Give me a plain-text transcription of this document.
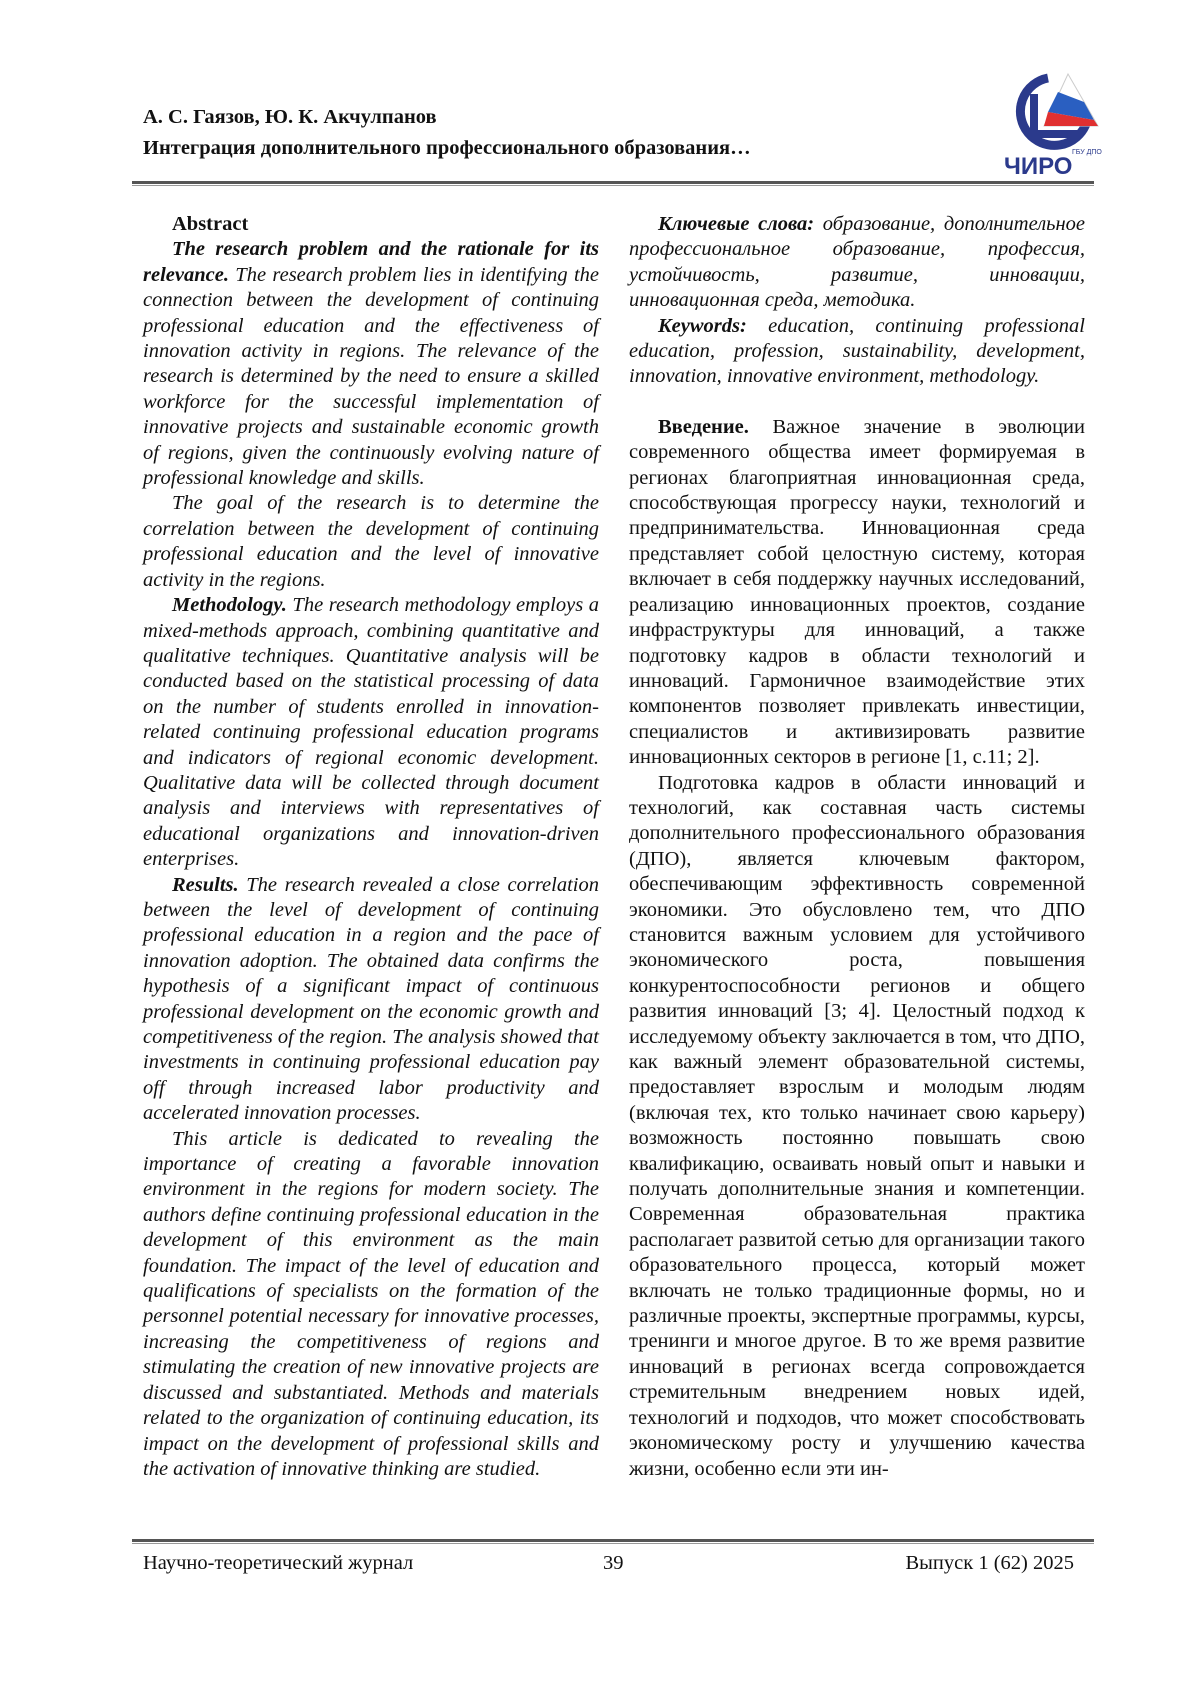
А. С. Гаязов, Ю. К. Акчулпанов
Интеграция дополнительного профессионального образования…	ГБУ ДПО
ЧИРО
Abstract

The research problem and the rationale for its relevance. The research problem lies in identifying the connection between the development of continuing professional education and the effectiveness of innovation activity in regions. The relevance of the research is determined by the need to ensure a skilled workforce for the successful implementation of innovative projects and sustainable economic growth of regions, given the continuously evolving nature of professional knowledge and skills.

The goal of the research is to determine the correlation between the development of continuing professional education and the level of innovative activity in the regions.

Methodology. The research methodology employs a mixed-methods approach, combining quantitative and qualitative techniques. Quantitative analysis will be conducted based on the statistical processing of data on the number of students enrolled in innovation-related continuing professional education programs and indicators of regional economic development. Qualitative data will be collected through document analysis and interviews with representatives of educational organizations and innovation-driven enterprises.

Results. The research revealed a close correlation between the level of development of continuing professional education in a region and the pace of innovation adoption. The obtained data confirms the hypothesis of a significant impact of continuous professional development on the economic growth and competitiveness of the region. The analysis showed that investments in continuing professional education pay off through increased labor productivity and accelerated innovation processes.

This article is dedicated to revealing the importance of creating a favorable innovation environment in the regions for modern society. The authors define continuing professional education in the development of this environment as the main foundation. The impact of the level of education and qualifications of specialists on the formation of the personnel potential necessary for innovative processes, increasing the competitiveness of regions and stimulating the creation of new innovative projects are discussed and substantiated. Methods and materials related to the organization of continuing education, its impact on the development of professional skills and the activation of innovative thinking are studied.

Ключевые слова: образование, дополнительное профессиональное образование, профессия, устойчивость, развитие, инновации, инновационная среда, методика.

Keywords: education, continuing professional education, profession, sustainability, development, innovation, innovative environment, methodology.

Введение. Важное значение в эволюции современного общества имеет формируемая в регионах благоприятная инновационная среда, способствующая прогрессу науки, технологий и предпринимательства. Инновационная среда представляет собой целостную систему, которая включает в себя поддержку научных исследований, реализацию инновационных проектов, создание инфраструктуры для инноваций, а также подготовку кадров в области технологий и инноваций. Гармоничное взаимодействие этих компонентов позволяет привлекать инвестиции, специалистов и активизировать развитие инновационных секторов в регионе [1, с.11; 2].

Подготовка кадров в области инноваций и технологий, как составная часть системы дополнительного профессионального образования (ДПО), является ключевым фактором, обеспечивающим эффективность современной экономики. Это обусловлено тем, что ДПО становится важным условием для устойчивого экономического роста, повышения конкурентоспособности регионов и общего развития инноваций [3; 4]. Целостный подход к исследуемому объекту заключается в том, что ДПО, как важный элемент образовательной системы, предоставляет взрослым и молодым людям (включая тех, кто только начинает свою карьеру) возможность постоянно повышать свою квалификацию, осваивать новый опыт и навыки и получать дополнительные знания и компетенции. Современная образовательная практика располагает развитой сетью для организации такого образовательного процесса, который может включать не только традиционные формы, но и различные проекты, экспертные программы, курсы, тренинги и многое другое. В то же время развитие инноваций в регионах всегда сопровождается стремительным внедрением новых идей, технологий и подходов, что может способствовать экономическому росту и улучшению качества жизни, особенно если эти ин-

Научно-теоретический журнал	39	Выпуск 1 (62) 2025
